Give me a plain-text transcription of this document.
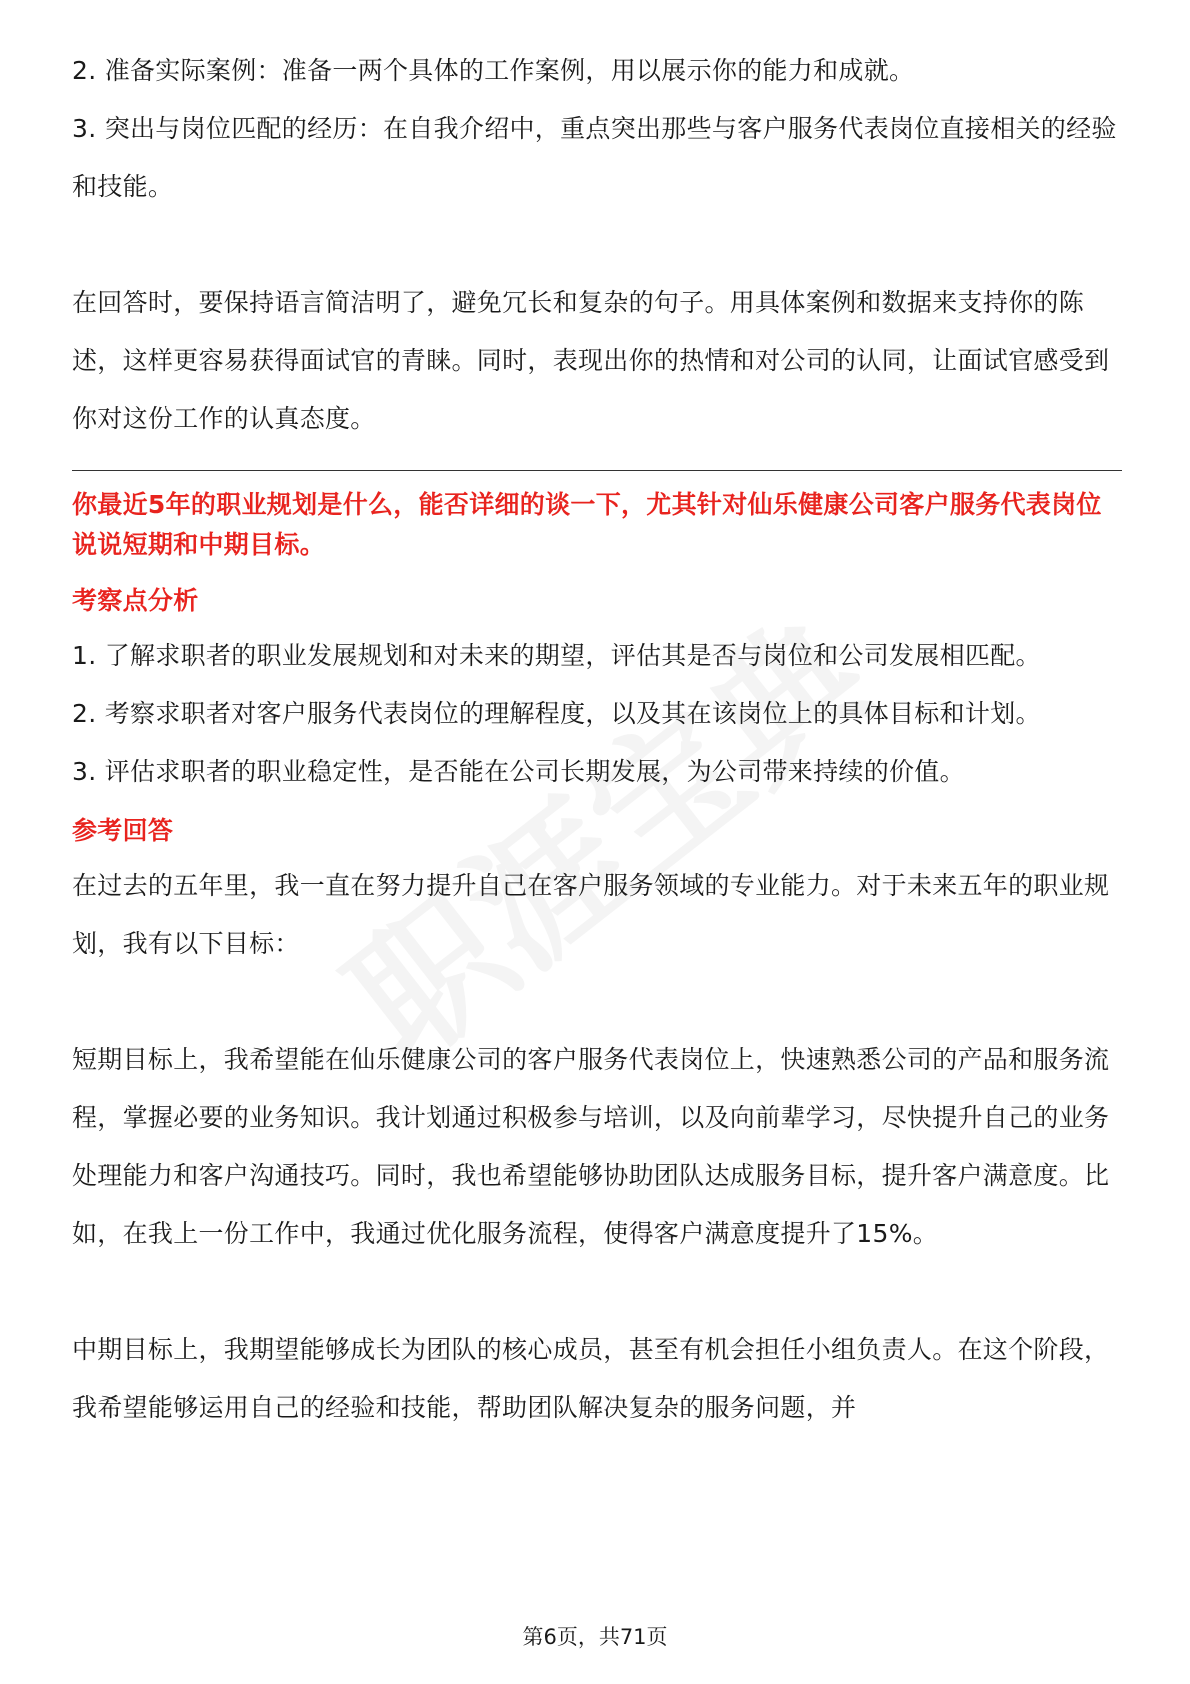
2. 准备实际案例：准备一两个具体的工作案例，用以展示你的能力和成就。

3. 突出与岗位匹配的经历：在自我介绍中，重点突出那些与客户服务代表岗位直接相关的经验和技能。

在回答时，要保持语言简洁明了，避免冗长和复杂的句子。用具体案例和数据来支持你的陈述，这样更容易获得面试官的青睐。同时，表现出你的热情和对公司的认同，让面试官感受到你对这份工作的认真态度。

你最近5年的职业规划是什么，能否详细的谈一下，尤其针对仙乐健康公司客户服务代表岗位说说短期和中期目标。

考察点分析

1. 了解求职者的职业发展规划和对未来的期望，评估其是否与岗位和公司发展相匹配。

2. 考察求职者对客户服务代表岗位的理解程度，以及其在该岗位上的具体目标和计划。

3. 评估求职者的职业稳定性，是否能在公司长期发展，为公司带来持续的价值。

参考回答

在过去的五年里，我一直在努力提升自己在客户服务领域的专业能力。对于未来五年的职业规划，我有以下目标：

短期目标上，我希望能在仙乐健康公司的客户服务代表岗位上，快速熟悉公司的产品和服务流程，掌握必要的业务知识。我计划通过积极参与培训，以及向前辈学习，尽快提升自己的业务处理能力和客户沟通技巧。同时，我也希望能够协助团队达成服务目标，提升客户满意度。比如，在我上一份工作中，我通过优化服务流程，使得客户满意度提升了15%。

中期目标上，我期望能够成长为团队的核心成员，甚至有机会担任小组负责人。在这个阶段，我希望能够运用自己的经验和技能，帮助团队解决复杂的服务问题，并

第6页，共71页
